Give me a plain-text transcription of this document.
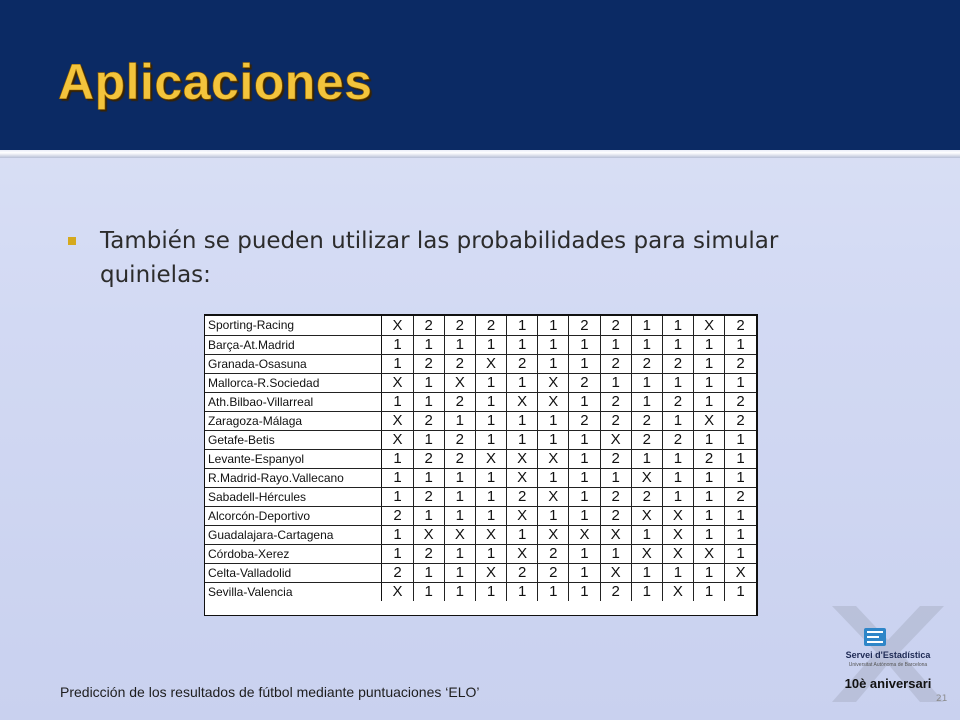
Aplicaciones
También se pueden utilizar las probabilidades para simular quinielas:
Sporting-Racing	X	2	2	2	1	1	2	2	1	1	X	2
Barça-At.Madrid	1	1	1	1	1	1	1	1	1	1	1	1
Granada-Osasuna	1	2	2	X	2	1	1	2	2	2	1	2
Mallorca-R.Sociedad	X	1	X	1	1	X	2	1	1	1	1	1
Ath.Bilbao-Villarreal	1	1	2	1	X	X	1	2	1	2	1	2
Zaragoza-Málaga	X	2	1	1	1	1	2	2	2	1	X	2
Getafe-Betis	X	1	2	1	1	1	1	X	2	2	1	1
Levante-Espanyol	1	2	2	X	X	X	1	2	1	1	2	1
R.Madrid-Rayo.Vallecano	1	1	1	1	X	1	1	1	X	1	1	1
Sabadell-Hércules	1	2	1	1	2	X	1	2	2	1	1	2
Alcorcón-Deportivo	2	1	1	1	X	1	1	2	X	X	1	1
Guadalajara-Cartagena	1	X	X	X	1	X	X	X	1	X	1	1
Córdoba-Xerez	1	2	1	1	X	2	1	1	X	X	X	1
Celta-Valladolid	2	1	1	X	2	2	1	X	1	1	1	X
Sevilla-Valencia	X	1	1	1	1	1	1	2	1	X	1	1
Servei d'Estadística
Universitat Autònoma de Barcelona
10è aniversari
Predicción de los resultados de fútbol mediante puntuaciones ‘ELO’	21
